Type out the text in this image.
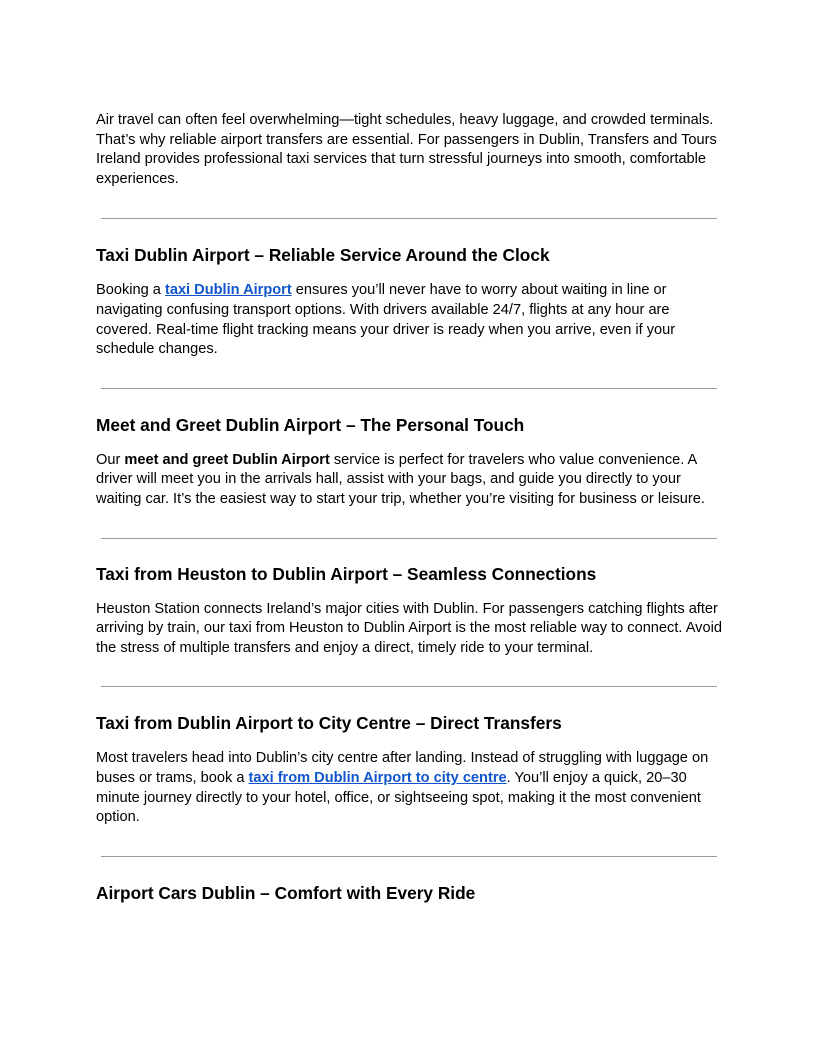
Air travel can often feel overwhelming—tight schedules, heavy luggage, and crowded terminals. That’s why reliable airport transfers are essential. For passengers in Dublin, Transfers and Tours Ireland provides professional taxi services that turn stressful journeys into smooth, comfortable experiences.

Taxi Dublin Airport – Reliable Service Around the Clock

Booking a taxi Dublin Airport ensures you’ll never have to worry about waiting in line or navigating confusing transport options. With drivers available 24/7, flights at any hour are covered. Real-time flight tracking means your driver is ready when you arrive, even if your schedule changes.

Meet and Greet Dublin Airport – The Personal Touch

Our meet and greet Dublin Airport service is perfect for travelers who value convenience. A driver will meet you in the arrivals hall, assist with your bags, and guide you directly to your waiting car. It’s the easiest way to start your trip, whether you’re visiting for business or leisure.

Taxi from Heuston to Dublin Airport – Seamless Connections

Heuston Station connects Ireland’s major cities with Dublin. For passengers catching flights after arriving by train, our taxi from Heuston to Dublin Airport is the most reliable way to connect. Avoid the stress of multiple transfers and enjoy a direct, timely ride to your terminal.

Taxi from Dublin Airport to City Centre – Direct Transfers

Most travelers head into Dublin’s city centre after landing. Instead of struggling with luggage on buses or trams, book a taxi from Dublin Airport to city centre. You’ll enjoy a quick, 20–30 minute journey directly to your hotel, office, or sightseeing spot, making it the most convenient option.

Airport Cars Dublin – Comfort with Every Ride
